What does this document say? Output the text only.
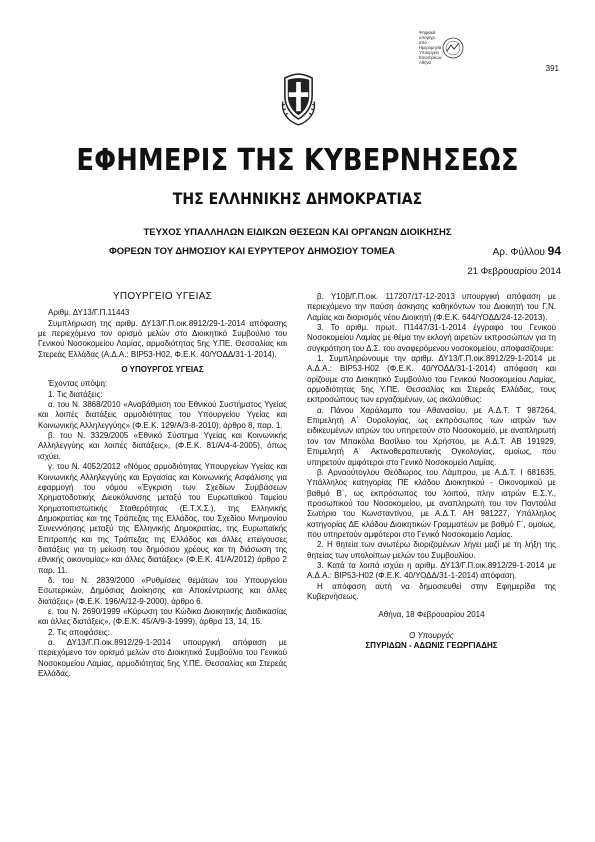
Ψηφιακά
υπογεγρ.
από
Ημερομηνία
Υπουργείο
Εσωτερικών
Αθήνα
391
ΕΦΗΜΕΡΙΣ ΤΗΣ ΚΥΒΕΡΝΗΣΕΩΣ
ΤΗΣ ΕΛΛΗΝΙΚΗΣ ΔΗΜΟΚΡΑΤΙΑΣ
ΤΕΥΧΟΣ ΥΠΑΛΛΗΛΩΝ ΕΙΔΙΚΩΝ ΘΕΣΕΩΝ ΚΑΙ ΟΡΓΑΝΩΝ ΔΙΟΙΚΗΣΗΣ
ΦΟΡΕΩΝ ΤΟΥ ΔΗΜΟΣΙΟΥ ΚΑΙ ΕΥΡΥΤΕΡΟΥ ΔΗΜΟΣΙΟΥ ΤΟΜΕΑ	Αρ. Φύλλου 94
21 Φεβρουαρίου 2014

ΥΠΟΥΡΓΕΙΟ ΥΓΕΙΑΣ

Αριθμ. ΔΥ13/Γ.Π.11443

Συμπλήρωση της αριθμ. ΔΥ13/Γ.Π.οικ.8912/29-1-2014 απόφασης με περιεχόμενο τον ορισμό μελών στο Διοικητικό Συμβούλιο του Γενικού Νοσοκομείου Λαμίας, αρμοδιότητας 5ης Υ.ΠΕ. Θεσσαλίας και Στερεάς Ελλάδας (Α.Δ.Α.: ΒΙΡ53-Η02, Φ.Ε.Κ. 40/ΥΟΔΔ/31-1-2014).

Ο ΥΠΟΥΡΓΟΣ ΥΓΕΙΑΣ

Έχοντας υπόψη:

1. Τις διατάξεις:

α. του Ν. 3868/2010 «Αναβάθμιση του Εθνικού Συστήματος Υγείας και λοιπές διατάξεις αρμοδιότητας του Υπουργείου Υγείας και Κοινωνικής Αλληλεγγύης» (Φ.Ε.Κ. 129/Α/3-8-2010), άρθρο 8, παρ. 1.

β. του Ν. 3329/2005 «Εθνικό Σύστημα Υγείας και Κοινωνικής Αλληλεγγύης και λοιπές διατάξεις», (Φ.Ε.Κ. 81/Α/4-4-2005), όπως ισχύει.

γ. του Ν. 4052/2012 «Νόμος αρμοδιότητας Υπουργείων Υγείας και Κοινωνικής Αλληλεγγύης και Εργασίας και Κοινωνικής Ασφάλισης για εφαρμογή του νόμου «Έγκριση των Σχεδίων Συμβάσεων Χρηματοδοτικής Διευκόλυνσης μεταξύ του Ευρωπαϊκού Ταμείου Χρηματοπιστωτικής Σταθερότητας (Ε.Τ.Χ.Σ.), της Ελληνικής Δημοκρατίας και της Τράπεζας της Ελλάδος, του Σχεδίου Μνημονίου Συνεννόησης μεταξύ της Ελληνικής Δημοκρατίας, της Ευρωπαϊκής Επιτροπής και της Τράπεζας της Ελλάδος και άλλες επείγουσες διατάξεις για τη μείωση του δημόσιου χρέους και τη διάσωση της εθνικής οικονομίας» και άλλες διατάξεις» (Φ.Ε.Κ. 41/Α/2012) άρθρο 2 παρ. 11.

δ. του Ν. 2839/2000 «Ρυθμίσεις θεμάτων του Υπουργείου Εσωτερικών, Δημόσιας Διοίκησης και Αποκέντρωσης και άλλες διατάξεις» (Φ.Ε.Κ. 196/Α/12-9-2000), άρθρο 6.

ε. του Ν. 2690/1999 «Κύρωση του Κώδικα Διοικητικής Διαδικασίας και άλλες διατάξεις», (Φ.Ε.Κ. 45/Α/9-3-1999), άρθρα 13, 14, 15.

2. Τις αποφάσεις:

α. ΔΥ13/Γ.Π.οικ.8912/29-1-2014 υπουργική απόφαση με περιεχόμενο τον ορισμό μελών στο Διοικητικό Συμβούλιο του Γενικού Νοσοκομείου Λαμίας, αρμοδιότητας 5ης Υ.ΠΕ. Θεσσαλίας και Στερεάς Ελλάδας.

β. Υ10β/Γ.Π.οικ. 117207/17-12-2013 υπουργική απόφαση με περιεχόμενο την παύση άσκησης καθηκόντων του Διοικητή του Γ.Ν. Λαμίας και διορισμός νέου Διοικητή (Φ.Ε.Κ. 644/ΥΟΔΔ/24-12-2013).

3. Το αριθμ. πρωτ. Π1447/31-1-2014 έγγραφο του Γενικού Νοσοκομείου Λαμίας με θέμα την εκλογή αιρετών εκπροσώπων για τη συγκρότηση του Δ.Σ. του αναφερόμενου νοσοκομείου, αποφασίζουμε:

1. Συμπληρώνουμε την αριθμ. ΔΥ13/Γ.Π.οικ.8912/29-1-2014 με Α.Δ.Α.: ΒΙΡ53-Η02 (Φ.Ε.Κ. 40/ΥΟΔΔ/31-1-2014) απόφαση και ορίζουμε στο Διοικητικό Συμβούλιο του Γενικού Νοσοκομείου Λαμίας, αρμοδιότητας 5ης Υ.ΠΕ. Θεσσαλίας και Στερεάς Ελλάδας, τους εκπροσώπους των εργαζομένων, ως ακολούθως:

α. Πάνου Χαράλαμπο του Αθανασίου, με Α.Δ.Τ. Τ 987264, Επιμελητή Α΄ Ουρολογίας, ως εκπρόσωπος των ιατρών των ειδικευμένων ιατρών του υπηρετούν στο Νοσοκομείο, με αναπληρωτή τον τον Μπακόλα Βασίλειο του Χρήστου, με Α.Δ.Τ. ΑΒ 191929, Επιμελητή Α΄ Ακτινοθεραπευτικής Ογκολογίας, ομοίως, που υπηρετούν αμφότεροι στο Γενικό Νοσοκομείο Λαμίας.

β. Αρναούτογλου Θεόδωρος του Λάμπρου, με Α.Δ.Τ. Ι 681635, Υπάλληλος κατηγορίας ΠΕ κλάδου Διοικητικού - Οικονομικού με βαθμό Β΄, ως εκπρόσωπος του λοιπού, πλην ιατρών Ε.Σ.Υ., προσωπικού του Νοσοκομείου, με αναπληρωτή του τον Παντούλα Σωτήριο του Κωνσταντίνου, με Α.Δ.Τ. ΑΗ 981227, Υπάλληλος κατηγορίας ΔΕ κλάδου Διοικητικών Γραμματέων με βαθμό Γ΄, ομοίως, που υπηρετούν αμφότεροι στο Γενικό Νοσοκομείο Λαμίας.

2. Η θητεία των ανωτέρω διοριζομένων λήγει μαζί με τη λήξη της θητείας των υπολοίπων μελών του Συμβουλίου.

3. Κατά τα λοιπά ισχύει η αριθμ. ΔΥ13/Γ.Π.οικ.8912/29-1-2014 με Α.Δ.Α.: ΒΙΡ53-Η02 (Φ.Ε.Κ. 40/ΥΟΔΔ/31-1-2014) απόφαση.

Η απόφαση αυτή να δημοσιευθεί στην Εφημερίδα της Κυβερνήσεως.

Αθήνα, 18 Φεβρουαρίου 2014

Ο Υπουργός

ΣΠΥΡΙΔΩΝ - ΑΔΩΝΙΣ ΓΕΩΡΓΙΑΔΗΣ
